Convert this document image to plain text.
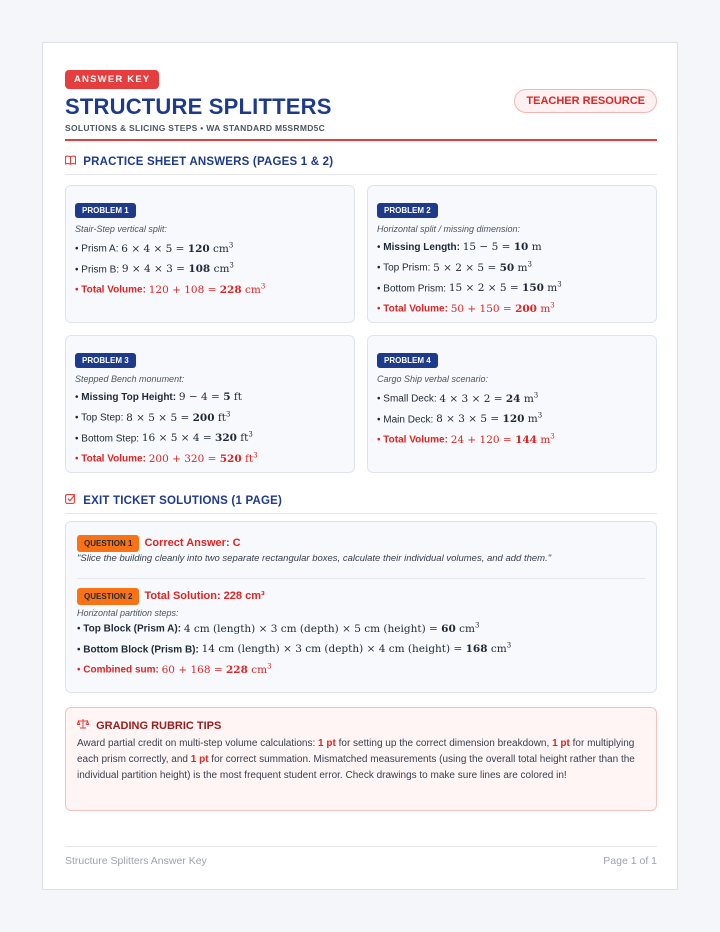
ANSWER KEY
STRUCTURE SPLITTERS
SOLUTIONS & SLICING STEPS • WA STANDARD M5SRMD5C
TEACHER RESOURCE
PRACTICE SHEET ANSWERS (PAGES 1 & 2)
PROBLEM 1
Stair-Step vertical split:
• Prism A: 6 × 4 × 5 = 120 $cm^3$
• Prism B: 9 × 4 × 3 = 108 $cm^3$
• Total Volume: 120 + 108 = 228 $cm^3$
PROBLEM 2
Horizontal split / missing dimension:
• Missing Length: 15 − 5 = 10 m
• Top Prism: 5 × 2 × 5 = 50 $m^3$
• Bottom Prism: 15 × 2 × 5 = 150 $m^3$
• Total Volume: 50 + 150 = 200 $m^3$
PROBLEM 3
Stepped Bench monument:
• Missing Top Height: 9 − 4 = 5 ft
• Top Step: 8 × 5 × 5 = 200 $ft^3$
• Bottom Step: 16 × 5 × 4 = 320 $ft^3$
• Total Volume: 200 + 320 = 520 $ft^3$
PROBLEM 4
Cargo Ship verbal scenario:
• Small Deck: 4 × 3 × 2 = 24 $m^3$
• Main Deck: 8 × 3 × 5 = 120 $m^3$
• Total Volume: 24 + 120 = 144 $m^3$
EXIT TICKET SOLUTIONS (1 PAGE)
QUESTION 1 Correct Answer: C
"Slice the building cleanly into two separate rectangular boxes, calculate their individual volumes, and add them."
QUESTION 2 Total Solution: 228 cm³
Horizontal partition steps:
• Top Block (Prism A): 4 cm (length) × 3 cm (depth) × 5 cm (height) = 60 $cm^3$
• Bottom Block (Prism B): 14 cm (length) × 3 cm (depth) × 4 cm (height) = 168 $cm^3$
• Combined sum: 60 + 168 = 228 $cm^3$
GRADING RUBRIC TIPS
Award partial credit on multi-step volume calculations: 1 pt for setting up the correct dimension breakdown, 1 pt for multiplying each prism correctly, and 1 pt for correct summation. Mismatched measurements (using the overall total height rather than the individual partition height) is the most frequent student error. Check drawings to make sure lines are colored in!
Structure Splitters Answer Key	Page 1 of 1
